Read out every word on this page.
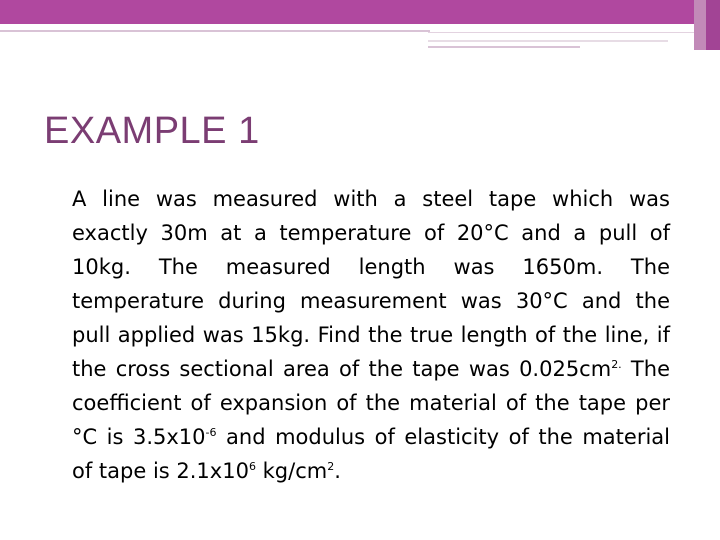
EXAMPLE 1

A line was measured with a steel tape which was exactly 30m at a temperature of 20°C and a pull of 10kg. The measured length was 1650m. The temperature during measurement was 30°C and the pull applied was 15kg. Find the true length of the line, if the cross sectional area of the tape was $0.025cm^{2.}$ The coefficient of expansion of the material of the tape per °C is $3.5x10^{-6}$ and modulus of elasticity of the material of tape is $2.1x10^6$ $kg/cm^2$.
